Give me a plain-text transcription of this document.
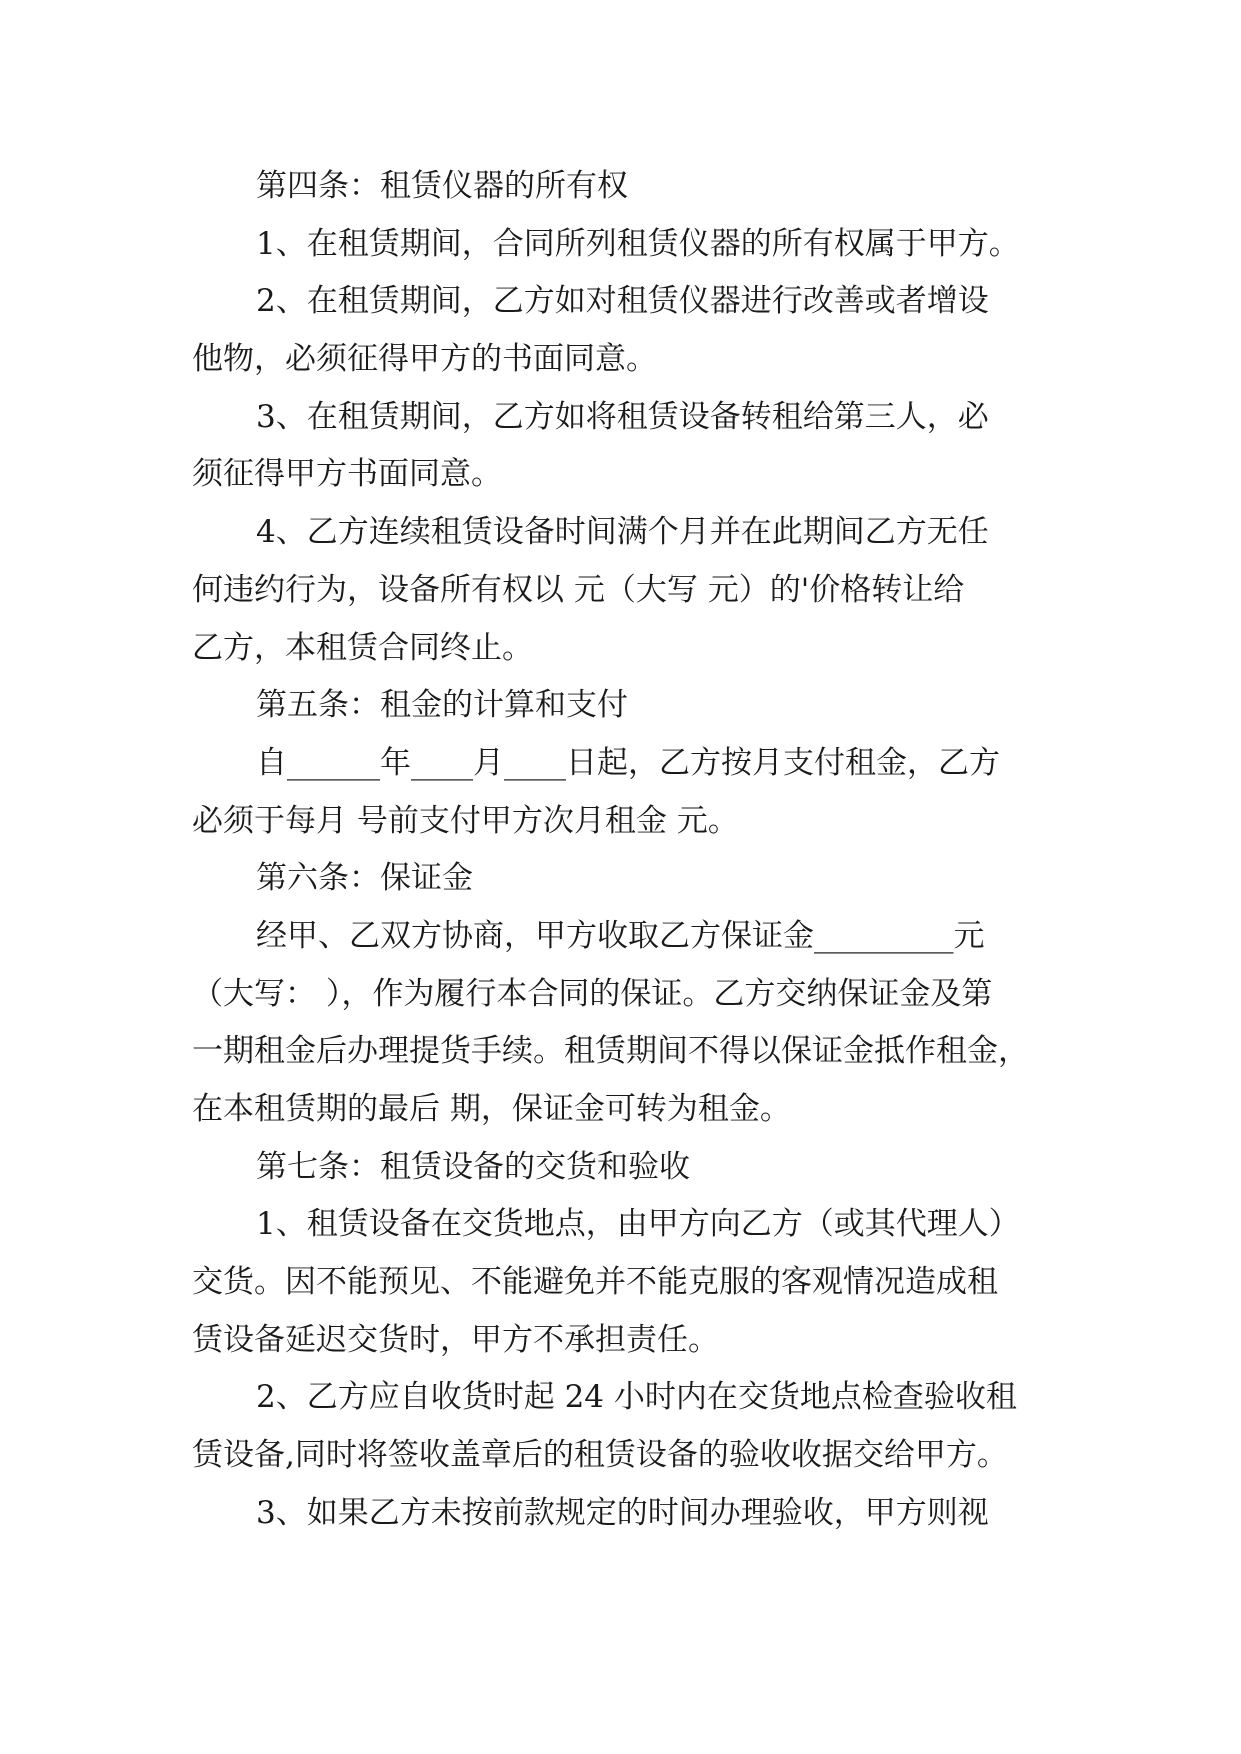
第四条：租赁仪器的所有权
1、在租赁期间，合同所列租赁仪器的所有权属于甲方。
2、在租赁期间，乙方如对租赁仪器进行改善或者增设
他物，必须征得甲方的书面同意。
3、在租赁期间，乙方如将租赁设备转租给第三人，必
须征得甲方书面同意。
4、乙方连续租赁设备时间满个月并在此期间乙方无任
何违约行为，设备所有权以 元（大写 元）的'价格转让给
乙方，本租赁合同终止。
第五条：租金的计算和支付
自______年____月____日起，乙方按月支付租金，乙方
必须于每月 号前支付甲方次月租金 元。
第六条：保证金
经甲、乙双方协商，甲方收取乙方保证金_________元
（大写： ），作为履行本合同的保证。乙方交纳保证金及第
一期租金后办理提货手续。租赁期间不得以保证金抵作租金，
在本租赁期的最后 期，保证金可转为租金。
第七条：租赁设备的交货和验收
1、租赁设备在交货地点，由甲方向乙方（或其代理人）
交货。因不能预见、不能避免并不能克服的客观情况造成租
赁设备延迟交货时，甲方不承担责任。
2、乙方应自收货时起 24 小时内在交货地点检查验收租
赁设备,同时将签收盖章后的租赁设备的验收收据交给甲方。
3、如果乙方未按前款规定的时间办理验收，甲方则视
